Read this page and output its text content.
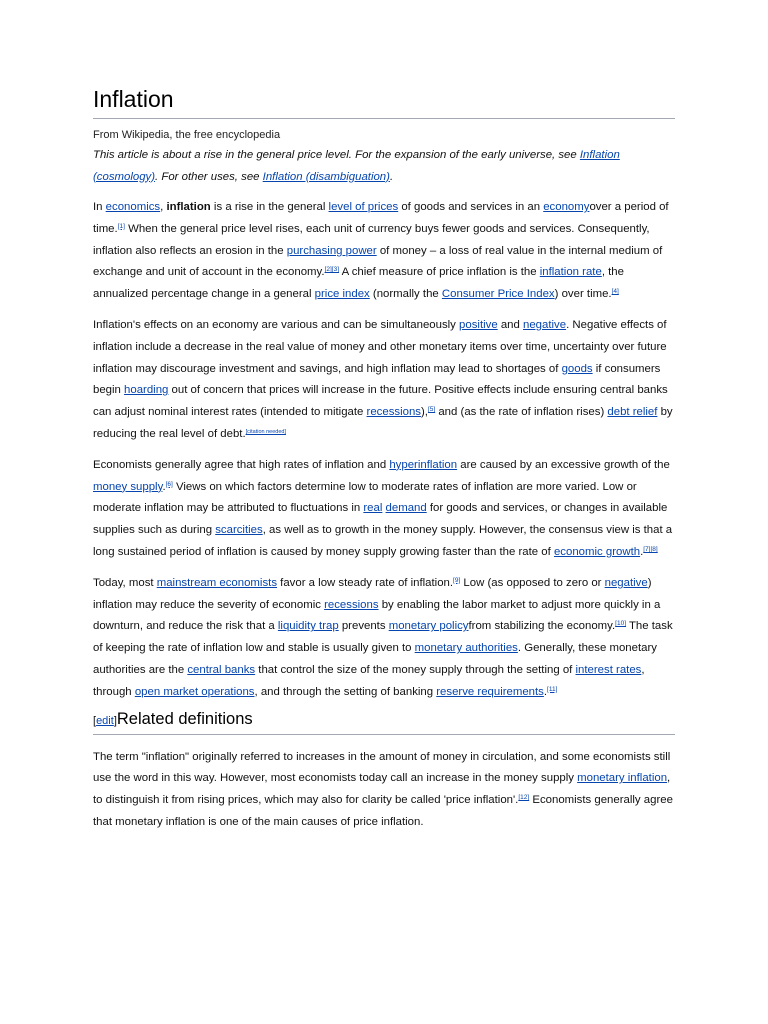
Inflation
From Wikipedia, the free encyclopedia
This article is about a rise in the general price level. For the expansion of the early universe, see Inflation (cosmology). For other uses, see Inflation (disambiguation).

In economics, inflation is a rise in the general level of prices of goods and services in an economyover a period of time.[1] When the general price level rises, each unit of currency buys fewer goods and services. Consequently, inflation also reflects an erosion in the purchasing power of money – a loss of real value in the internal medium of exchange and unit of account in the economy.[2][3] A chief measure of price inflation is the inflation rate, the annualized percentage change in a general price index (normally the Consumer Price Index) over time.[4]

Inflation's effects on an economy are various and can be simultaneously positive and negative. Negative effects of inflation include a decrease in the real value of money and other monetary items over time, uncertainty over future inflation may discourage investment and savings, and high inflation may lead to shortages of goods if consumers begin hoarding out of concern that prices will increase in the future. Positive effects include ensuring central banks can adjust nominal interest rates (intended to mitigate recessions),[5] and (as the rate of inflation rises) debt relief by reducing the real level of debt.[citation needed]

Economists generally agree that high rates of inflation and hyperinflation are caused by an excessive growth of the money supply.[6] Views on which factors determine low to moderate rates of inflation are more varied. Low or moderate inflation may be attributed to fluctuations in real demand for goods and services, or changes in available supplies such as during scarcities, as well as to growth in the money supply. However, the consensus view is that a long sustained period of inflation is caused by money supply growing faster than the rate of economic growth.[7][8]

Today, most mainstream economists favor a low steady rate of inflation.[9] Low (as opposed to zero or negative) inflation may reduce the severity of economic recessions by enabling the labor market to adjust more quickly in a downturn, and reduce the risk that a liquidity trap prevents monetary policyfrom stabilizing the economy.[10] The task of keeping the rate of inflation low and stable is usually given to monetary authorities. Generally, these monetary authorities are the central banks that control the size of the money supply through the setting of interest rates, through open market operations, and through the setting of banking reserve requirements.[11]

[edit]Related definitions

The term "inflation" originally referred to increases in the amount of money in circulation, and some economists still use the word in this way. However, most economists today call an increase in the money supply monetary inflation, to distinguish it from rising prices, which may also for clarity be called 'price inflation'.[12] Economists generally agree that monetary inflation is one of the main causes of price inflation.
